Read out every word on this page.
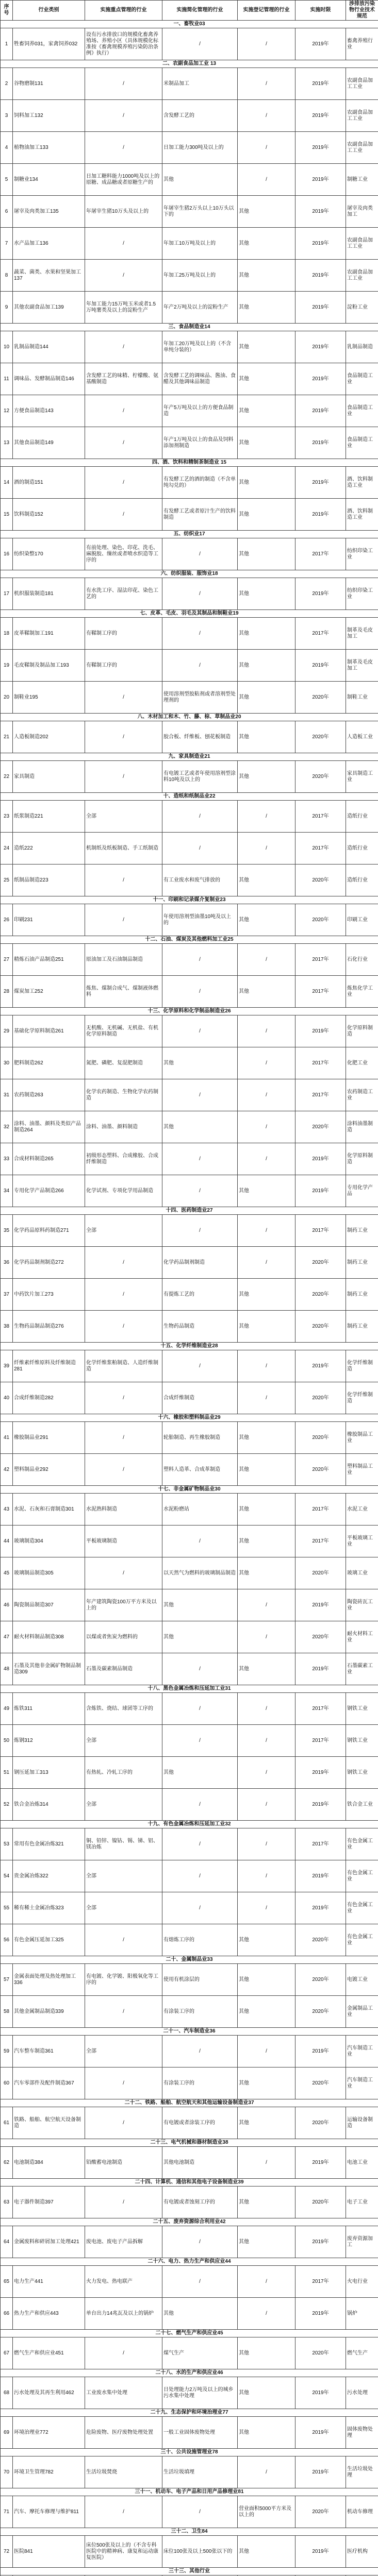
序号	行业类别	实施重点管理的行业	实施简化管理的行业	实施登记管理的行业	实施时限	涉排放污染物行业技术规范
一、畜牧业03						
1	牲畜饲养031，家禽饲养032	设有污水排放口的规模化畜禽养殖场、养殖小区（具体规模化标准按《畜禽规模养殖污染防治条例》执行）	/	/	2019年	畜禽养殖行业
二、农副食品加工业 13						
2	谷物磨制131	/	米制品加工	/	2019年	农副食品加工工业
3	饲料加工132	/	含发酵工艺的	/	2019年	农副食品加工工业
4	植物油加工133	/	日加工能力300吨及以上的	/	2019年	农副食品加工工业
5	制糖业134	日加工糖料能力1000吨及以上的原糖、成品糖或者原糖生产的	其他	/	2019年	制糖工业
6	屠宰及肉类加工135	年屠宰生猪10万头及以上的	年屠宰生猪2万头以上10万头以下的	其他	2019年	屠宰及肉类加工
7	水产品加工136	/	年加工10万吨及以上的	其他	2019年	农副食品加工工业
8	蔬菜、菌类、水果和坚果加工137	/	年加工25万吨及以上的	其他	2019年	农副食品加工工业
9	其他农副食品加工139	年加工能力15万吨玉米或者1.5万吨薯类及以上的淀粉生产	年产2万吨及以上的淀粉生产	其他	2019年	淀粉工业
三、食品制造业14						
10	乳制品制造144	/	年加工20万吨及以上的（不含单纯分装的）	其他	2019年	乳制品制造
11	调味品、发酵制品制造146	含发酵工艺的味精、柠檬酸、氨基酸制造	含发酵工艺的调味品、酱油、食醋及其他调味品制造	其他	2019年	食品制造工业
12	方便食品制造143	/	年产5万吨及以上的方便食品制造	其他	2019年	食品制造工业
13	其他食品制造149	/	年产1万吨及以上的食品及饲料添加剂制造	其他	2019年	食品制造工业
四、酒、饮料和精制茶制造业 15						
14	酒的制造151	/	有发酵工艺的酒的制造（不含单纯勾兑的）	其他	2019年	酒、饮料制造工业
15	饮料制造152	/	有发酵工艺或者原汁生产的饮料制造	其他	2019年	酒、饮料制造工业
五、纺织业17						
16	纺织染整170	有前处理、染色、印花、洗毛、麻脱胶、缫丝或者喷水织造等工序的	/	其他	2017年	纺织印染工业
六、纺织服装、服饰业18						
17	机织服装制造181	有水洗工序、湿法印花、染色工艺的	/	其他	2019年	纺织印染工业
七、皮革、毛皮、羽毛及其制品和制鞋业19						
18	皮革鞣制加工191	有鞣制工序的	/	其他	2017年	制革及毛皮加工
19	毛皮鞣制及制品加工193	有鞣制工序的	/	其他	2019年	制革及毛皮加工
20	制鞋业195	/	使用溶剂型胶粘剂或者溶剂型处理剂的	其他	2020年	制鞋工业
八、木材加工和木、竹、藤、棕、草制品业20						
21	人造板制造202	/	胶合板、纤维板、刨花板制造	其他	2020年	人造板工业
九、家具制造业21						
22	家具制造	/	有电镀工艺或者年使用溶剂型涂料10吨及以上的	其他	2020年	家具制造工业
十、造纸和纸制品业22						
23	纸浆制造221	全部	/	/	2017年	造纸行业
24	造纸222	机制纸及纸板制造、手工纸制造	/	/	2017年	造纸行业
25	纸制品制造223	/	有工业废水和废气排放的	其他	2020年	造纸行业
十一、印刷和记录媒介复制业23						
26	印刷231	/	年使用溶剂型油墨10吨及以上的	其他	2020年	印刷工业
十二、石油、煤炭及其他燃料加工业25						
27	精炼石油产品制造251	原油加工及石油制品制造	/	/	2017年	石化行业
28	煤炭加工252	炼焦、煤制合成气、煤制液体燃料	/	其他	2017年	炼焦化学工业
十三、化学原料和化学制品制造业26						
29	基础化学原料制造261	无机酸、无机碱、无机盐、有机化学原料制造	/	/	2019年	化学原料制造
30	肥料制造262	氮肥、磷肥、复混肥制造	其他	/	2017年	化肥工业
31	农药制造263	化学农药制造、生物化学农药制造	/	/	2017年	农药制造工业
32	涂料、油墨、颜料及类似产品制造264	涂料、油墨、颜料制造	其他	/	2020年	涂料油墨制造
33	合成材料制造265	初级形态塑料、合成橡胶、合成纤维制造	/	/	2019年	化学原料制造
34	专用化学产品制造266	化学试剂、专项化学用品制造	/	其他	2019年	专用化学产品
十四、医药制造业27						
35	化学药品原料药制造271	全部	/	/	2017年	制药工业
36	化学药品制剂制造272	/	化学药品制剂制造	/	2020年	制药工业
37	中药饮片加工273	/	有提炼工艺的	其他	2020年	制药工业
38	生物药品制品制造276	/	生物药品制造	其他	2020年	制药工业
十五、化学纤维制造业28						
39	纤维素纤维原料及纤维制造281	化学纤维浆粕制造、人造纤维制造	/	/	2019年	化学纤维制造
40	合成纤维制造282	/	合成纤维制造	/	2020年	化学纤维制造
十六、橡胶和塑料制品业29						
41	橡胶制品业291	/	轮胎制造、再生橡胶制造	其他	2020年	橡胶制品工业
42	塑料制品业292	/	塑料人造革、合成革制造	其他	2020年	塑料制品工业
十七、非金属矿物制品业30						
43	水泥、石灰和石膏制造301	水泥熟料制造	水泥粉磨站	其他	2017年	水泥工业
44	玻璃制造304	平板玻璃制造	/	其他	2017年	平板玻璃工业
45	玻璃制品制造305	/	以天然气为燃料的玻璃制品制造	其他	2020年	玻璃工业
46	陶瓷制品制造307	年产建筑陶瓷100万平方米及以上的	其他	/	2019年	陶瓷砖瓦工业
47	耐火材料制品制造308	以煤或者焦炭为燃料的	其他	/	2020年	耐火材料工业
48	石墨及其他非金属矿物制品制造309	石墨及碳素制品制造	/	其他	2019年	石墨碳素工业
十八、黑色金属冶炼和压延加工业31						
49	炼铁311	含炼铁、烧结、球团等工序的	/	/	2017年	钢铁工业
50	炼钢312	全部	/	/	2017年	钢铁工业
51	钢压延加工313	有热轧、冷轧工序的	其他	/	2019年	钢铁工业
52	铁合金冶炼314	全部	/	/	2019年	铁合金工业
十九、有色金属冶炼和压延加工业32						
53	常用有色金属冶炼321	铜、铅锌、镍钴、锡、锑、铝、镁冶炼	/	/	2017年	有色金属工业
54	贵金属冶炼322	全部	/	/	2019年	有色金属工业
55	稀有稀土金属冶炼323	全部	/	/	2019年	有色金属工业
56	有色金属压延加工325	/	有熔炼工序的	其他	2020年	有色金属工业
二十、金属制品业33						
57	金属表面处理及热处理加工336	有电镀、化学镀、阳极氧化等工序的	使用有机涂层的	其他	2020年	电镀工业
58	其他金属制品制造339	/	有涂装工序的	其他	2020年	金属制品工业
二十一、汽车制造业36						
59	汽车整车制造361	全部	/	/	2019年	汽车制造工业
60	汽车零部件及配件制造367	/	有涂装工序的	其他	2020年	汽车制造工业
二十二、铁路、船舶、航空航天和其他运输设备制造业37						
61	铁路、船舶、航空航天设备制造	/	有电镀或者涂装工序的	其他	2020年	运输设备制造
二十三、电气机械和器材制造业38						
62	电池制造384	铅酸蓄电池制造	其他电池制造	/	2019年	电池工业
二十四、计算机、通信和其他电子设备制造业39						
63	电子器件制造397	/	有电镀或者蚀刻工序的	其他	2020年	电子工业
二十五、废弃资源综合利用业42						
64	金属废料和碎屑加工处理421	废电池、废电子产品拆解	/	其他	2019年	废弃资源加工
二十六、电力、热力生产和供应业44						
65	电力生产441	火力发电、热电联产	/	/	2017年	火电行业
66	热力生产和供应443	单台出力14兆瓦及以上的锅炉	其他	/	2019年	锅炉
二十七、燃气生产和供应业45						
67	燃气生产和供应业451	/	煤气生产	其他	2020年	燃气生产
二十八、水的生产和供应业46						
68	污水处理及其再生利用462	工业废水集中处理	日处理能力2万吨及以上的城乡污水集中处理	其他	2019年	污水处理
二十九、生态保护和环境治理业77						
69	环境治理业772	危险废物、医疗废物处理处置	一般工业固体废物处理	其他	2019年	固体废物处理
三十、公共设施管理业78						
70	环境卫生管理782	生活垃圾焚烧	生活垃圾填埋	/	2019年	生活垃圾处理
三十一、机动车、电子产品和日用产品修理业81						
71	汽车、摩托车修理与维护811	/	/	营业面积5000平方米及以上的	2020年	机动车修理
三十二、卫生84						
72	医院841	床位500张及以上的（不含专科医院中的精神病、康复和运动康复医院）	床位100张及以上500张以下的	其他	2019年	医疗机构
三十三、其他行业						
